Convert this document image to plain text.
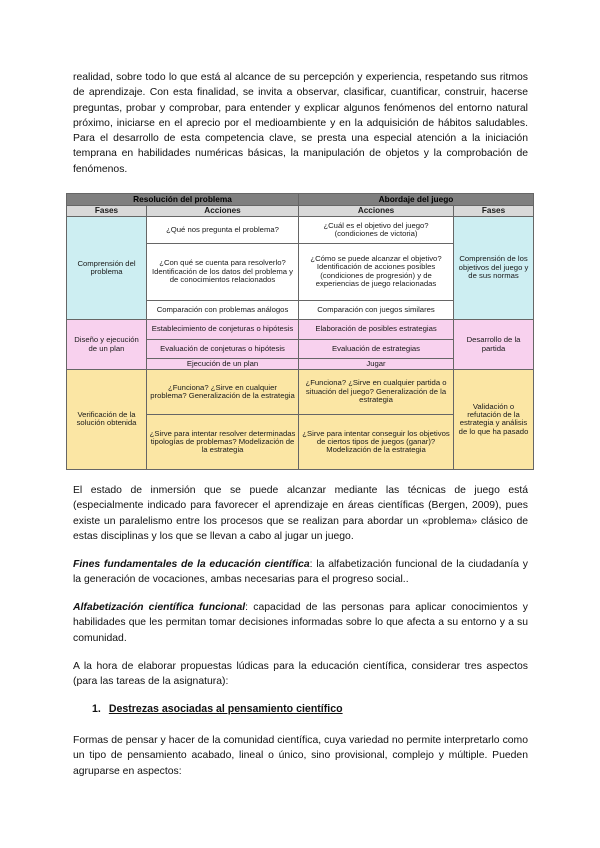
realidad, sobre todo lo que está al alcance de su percepción y experiencia, respetando sus ritmos de aprendizaje. Con esta finalidad, se invita a observar, clasificar, cuantificar, construir, hacerse preguntas, probar y comprobar, para entender y explicar algunos fenómenos del entorno natural próximo, iniciarse en el aprecio por el medioambiente y en la adquisición de hábitos saludables. Para el desarrollo de esta competencia clave, se presta una especial atención a la iniciación temprana en habilidades numéricas básicas, la manipulación de objetos y la comprobación de fenómenos.

Resolución del problema		Abordaje del juego	
Fases	Acciones	Acciones	Fases
Comprensión del problema	¿Qué nos pregunta el problema?	¿Cuál es el objetivo del juego? (condiciones de victoria)	Comprensión de los objetivos del juego y de sus normas
	¿Con qué se cuenta para resolverlo? Identificación de los datos del problema y de conocimientos relacionados	¿Cómo se puede alcanzar el objetivo? Identificación de acciones posibles (condiciones de progresión) y de experiencias de juego relacionadas	
	Comparación con problemas análogos	Comparación con juegos similares	
Diseño y ejecución de un plan	Establecimiento de conjeturas o hipótesis	Elaboración de posibles estrategias	Desarrollo de la partida
	Evaluación de conjeturas o hipótesis	Evaluación de estrategias	
	Ejecución de un plan	Jugar	
Verificación de la solución obtenida	¿Funciona? ¿Sirve en cualquier problema? Generalización de la estrategia	¿Funciona? ¿Sirve en cualquier partida o situación del juego? Generalización de la estrategia	Validación o refutación de la estrategia y análisis de lo que ha pasado
	¿Sirve para intentar resolver determinadas tipologías de problemas? Modelización de la estrategia	¿Sirve para intentar conseguir los objetivos de ciertos tipos de juegos (ganar)? Modelización de la estrategia	

El estado de inmersión que se puede alcanzar mediante las técnicas de juego está (especialmente indicado para favorecer el aprendizaje en áreas científicas (Bergen, 2009), pues existe un paralelismo entre los procesos que se realizan para abordar un «problema» clásico de estas disciplinas y los que se llevan a cabo al jugar un juego.

Fines fundamentales de la educación científica: la alfabetización funcional de la ciudadanía y la generación de vocaciones, ambas necesarias para el progreso social..

Alfabetización científica funcional: capacidad de las personas para aplicar conocimientos y habilidades que les permitan tomar decisiones informadas sobre lo que afecta a su entorno y a su comunidad.

A la hora de elaborar propuestas lúdicas para la educación científica, considerar tres aspectos (para las tareas de la asignatura):

1. Destrezas asociadas al pensamiento científico

Formas de pensar y hacer de la comunidad científica, cuya variedad no permite interpretarlo como un tipo de pensamiento acabado, lineal o único, sino provisional, complejo y múltiple. Pueden agruparse en aspectos:
